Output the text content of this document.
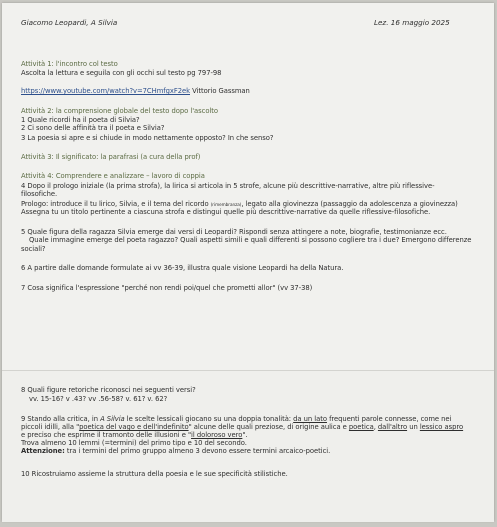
Giacomo Leopardi, A Silvia	Lez. 16 maggio 2025
Attività 1: l'incontro col testo
Ascolta la lettura e seguila con gli occhi sul testo pg 797-98
https://www.youtube.com/watch?v=7CHmfgxF2ek Vittorio Gassman
Attività 2: la comprensione globale del testo dopo l'ascolto
1 Quale ricordi ha il poeta di Silvia?
2 Ci sono delle affinità tra il poeta e Silvia?
3 La poesia si apre e si chiude in modo nettamente opposto? In che senso?
Attività 3: Il significato: la parafrasi (a cura della prof)
Attività 4: Comprendere e analizzare – lavoro di coppia
4 Dopo il prologo iniziale (la prima strofa), la lirica si articola in 5 strofe, alcune più descrittive-narrative, altre più riflessive-
filosofiche.
Prologo: introduce il tu lirico, Silvia, e il tema del ricordo (rimembranza), legato alla giovinezza (passaggio da adolescenza a giovinezza)
Assegna tu un titolo pertinente a ciascuna strofa e distingui quelle più descrittive-narrative da quelle riflessive-filosofiche.
5 Quale figura della ragazza Silvia emerge dai versi di Leopardi? Rispondi senza attingere a note, biografie, testimonianze ecc.
Quale immagine emerge del poeta ragazzo? Quali aspetti simili e quali differenti si possono cogliere tra i due? Emergono differenze
sociali?
6 A partire dalle domande formulate ai vv 36-39, illustra quale visione Leopardi ha della Natura.
7 Cosa significa l'espressione "perché non rendi poi/quel che prometti allor" (vv 37-38)
8 Quali figure retoriche riconosci nei seguenti versi?
vv. 15-16? v .43? vv .56-58? v. 61? v. 62?
9 Stando alla critica, in A Silvia le scelte lessicali giocano su una doppia tonalità: da un lato frequenti parole connesse, come nei
piccoli idilli, alla "poetica del vago e dell'indefinito" alcune delle quali preziose, di origine aulica e poetica, dall'altro un lessico aspro
e preciso che esprime il tramonto delle illusioni e "il doloroso vero".
Trova almeno 10 lemmi (=termini) del primo tipo e 10 del secondo.
Attenzione: tra i termini del primo gruppo almeno 3 devono essere termini arcaico-poetici.
10 Ricostruiamo assieme la struttura della poesia e le sue specificità stilistiche.
